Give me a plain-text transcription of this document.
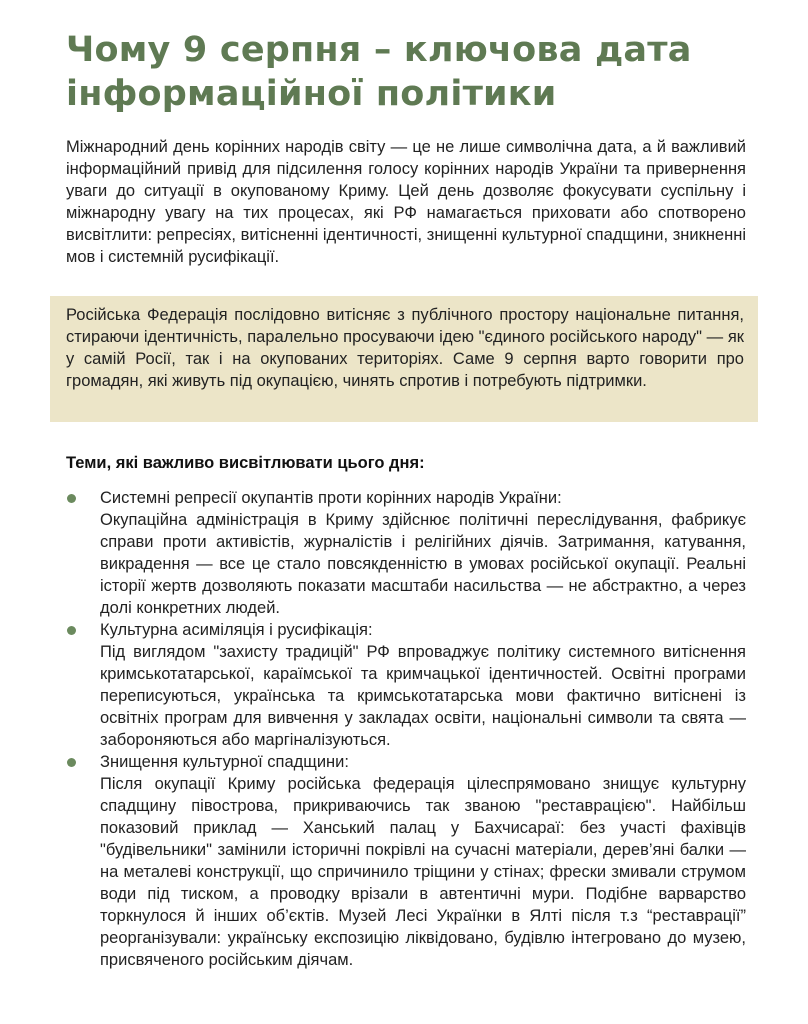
Чому 9 серпня – ключова дата інформаційної політики

Міжнародний день корінних народів світу — це не лише символічна дата, а й важливий інформаційний привід для підсилення голосу корінних народів України та привернення уваги до ситуації в окупованому Криму. Цей день дозволяє фокусувати суспільну і міжнародну увагу на тих процесах, які РФ намагається приховати або спотворено висвітлити: репресіях, витісненні ідентичності, знищенні культурної спадщини, зникненні мов і системній русифікації.

Російська Федерація послідовно витісняє з публічного простору національне питання, стираючи ідентичність, паралельно просуваючи ідею "єдиного російського народу" — як у самій Росії, так і на окупованих територіях. Саме 9 серпня варто говорити про громадян, які живуть під окупацією, чинять спротив і потребують підтримки.

Теми, які важливо висвітлювати цього дня:
Системні репресії окупантів проти корінних народів України:
Окупаційна адміністрація в Криму здійснює політичні переслідування, фабрикує справи проти активістів, журналістів і релігійних діячів. Затримання, катування, викрадення — все це стало повсякденністю в умовах російської окупації. Реальні історії жертв дозволяють показати масштаби насильства — не абстрактно, а через долі конкретних людей.
Культурна асиміляція і русифікація:
Під виглядом "захисту традицій" РФ впроваджує політику системного витіснення кримськотатарської, караїмської та кримчацької ідентичностей. Освітні програми переписуються, українська та кримськотатарська мови фактично витіснені із освітніх програм для вивчення у закладах освіти, національні символи та свята — забороняються або маргіналізуються.
Знищення культурної спадщини:
Після окупації Криму російська федерація цілеспрямовано знищує культурну спадщину півострова, прикриваючись так званою "реставрацією". Найбільш показовий приклад — Ханський палац у Бахчисараї: без участі фахівців "будівельники" замінили історичні покрівлі на сучасні матеріали, дерев’яні балки — на металеві конструкції, що спричинило тріщини у стінах; фрески змивали струмом води під тиском, а проводку врізали в автентичні мури. Подібне варварство торкнулося й інших об’єктів. Музей Лесі Українки в Ялті після т.з “реставрації” реорганізували: українську експозицію ліквідовано, будівлю інтегровано до музею, присвяченого російським діячам.
